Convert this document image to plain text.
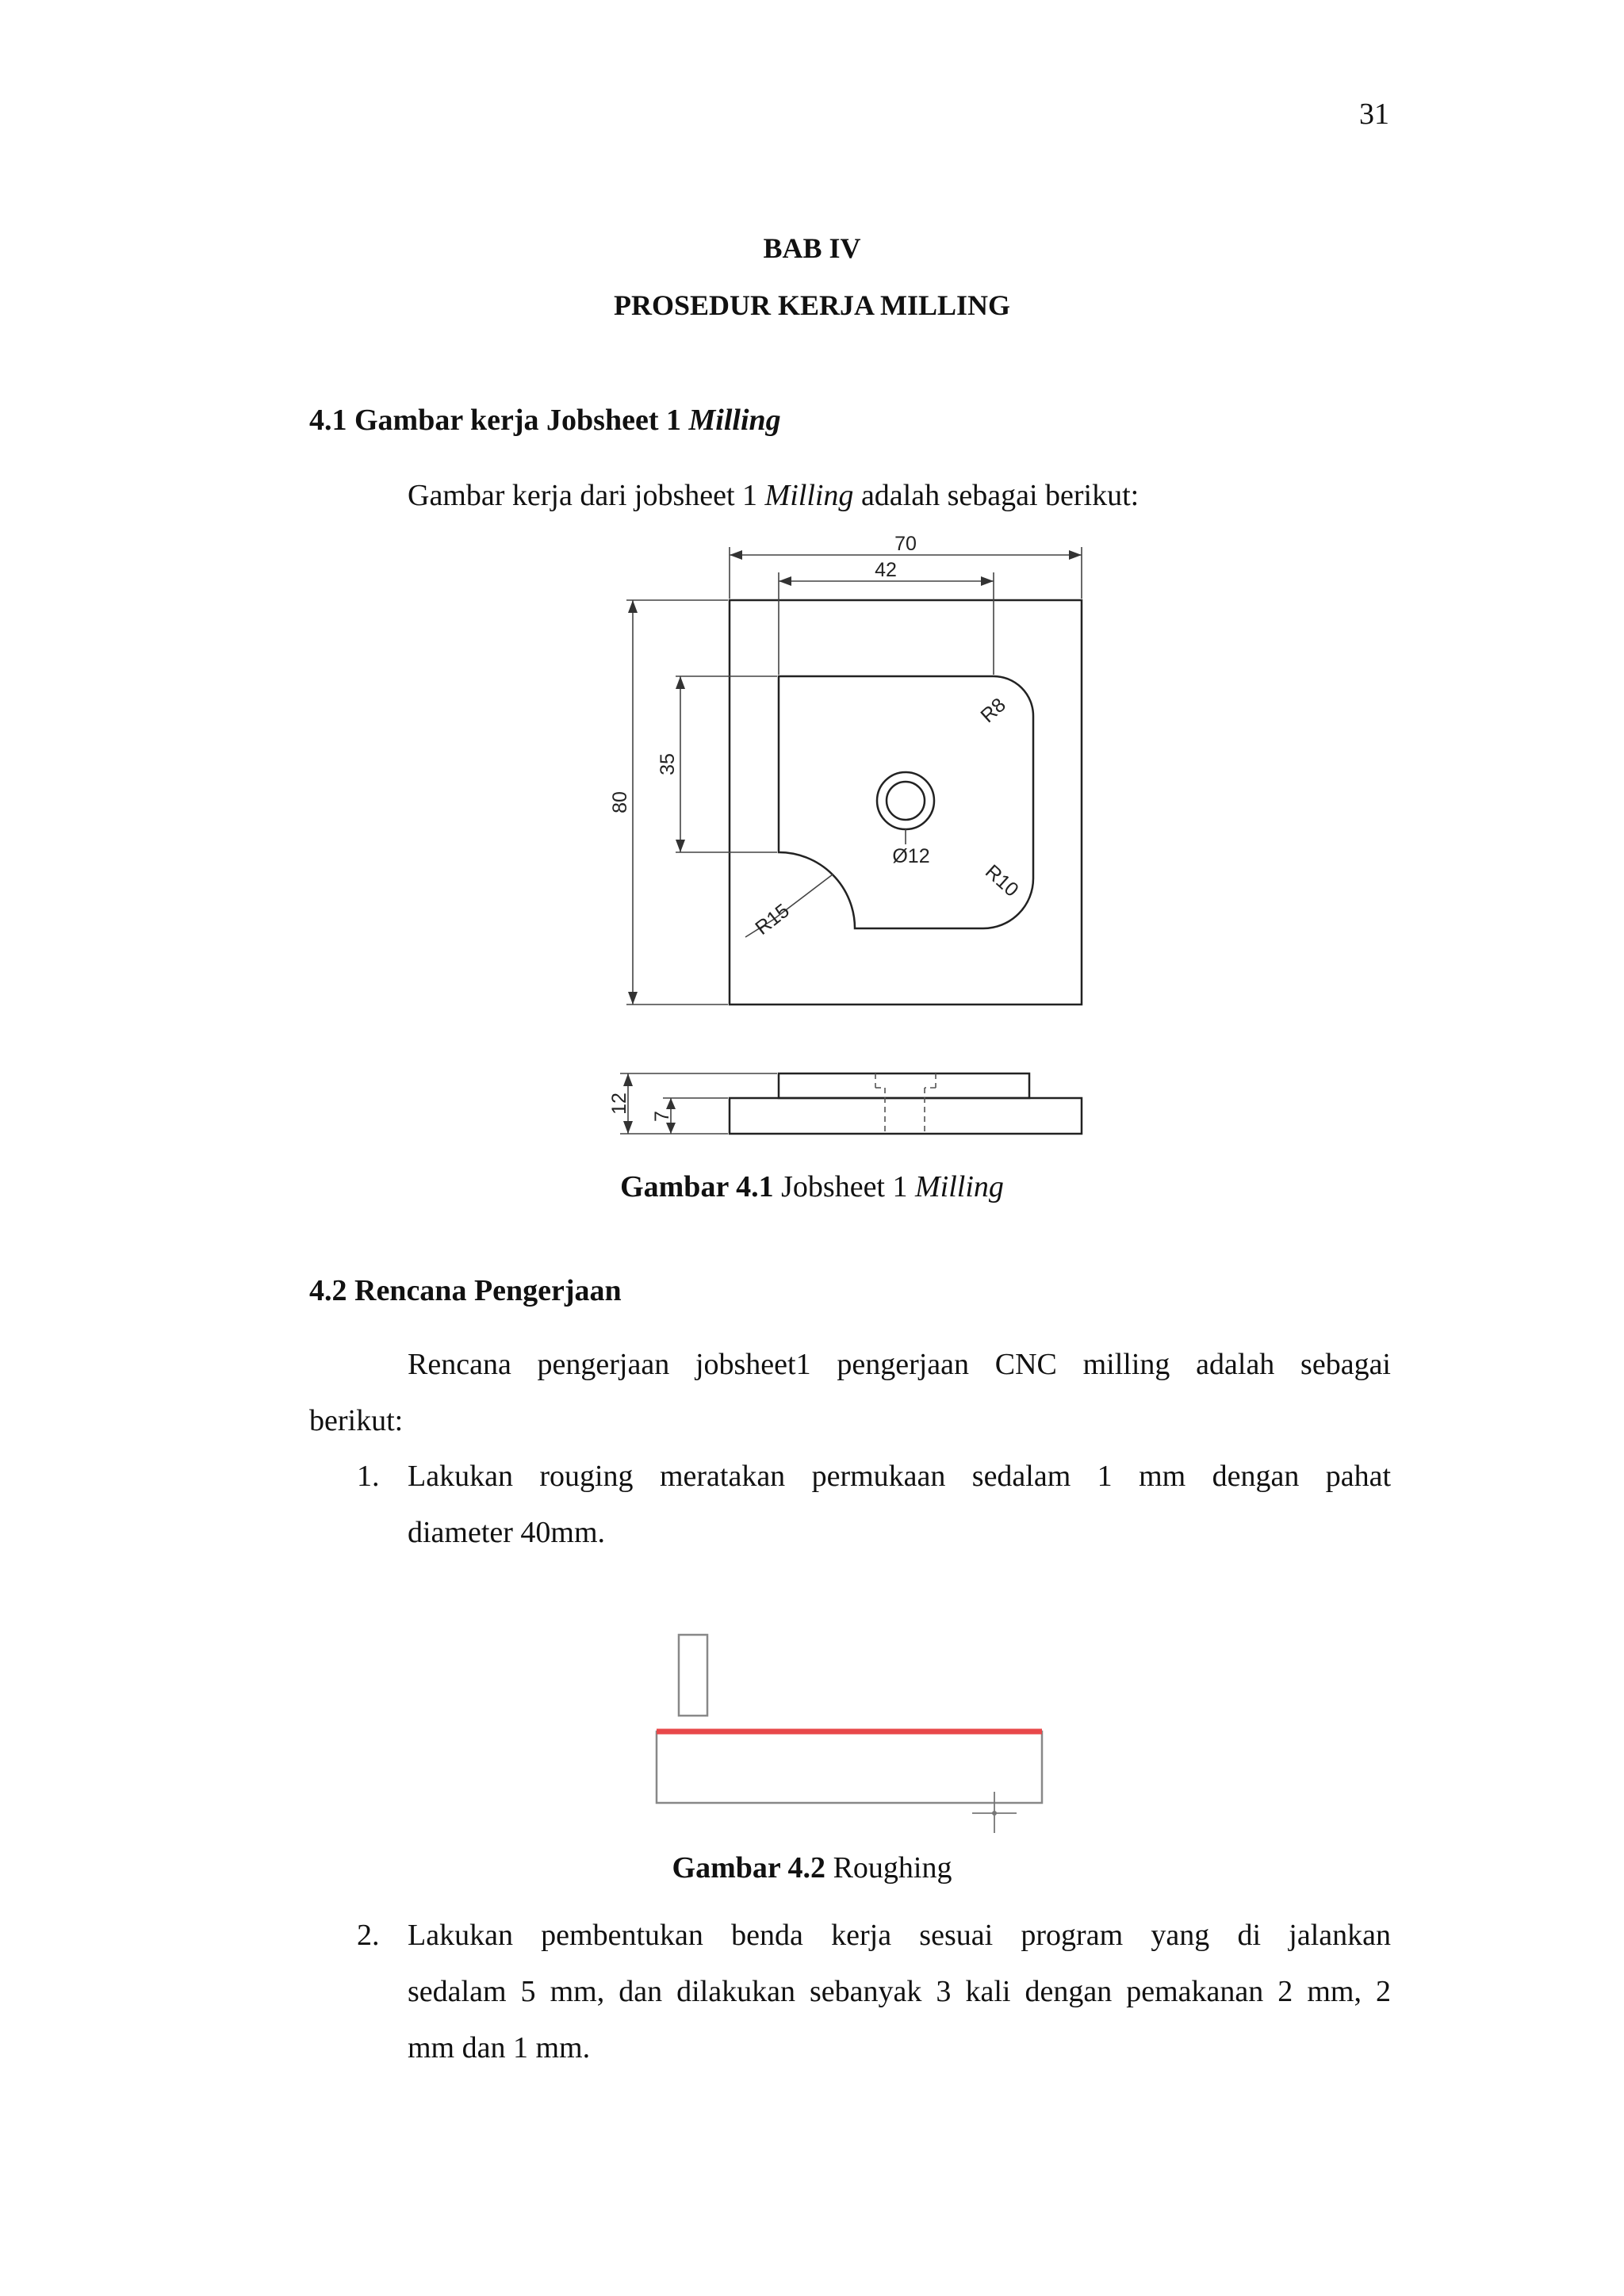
31
BAB IV
PROSEDUR KERJA MILLING
4.1 Gambar kerja Jobsheet 1 Milling
Gambar kerja dari jobsheet 1 Milling adalah sebagai berikut:
70
42
80
35
R8
R10
R15
Ø12
12
7
Gambar 4.1 Jobsheet 1 Milling
4.2 Rencana Pengerjaan
Rencana pengerjaan jobsheet1 pengerjaan CNC milling adalah sebagai
berikut:
1. Lakukan rouging meratakan permukaan sedalam 1 mm dengan pahat
diameter 40mm.
Gambar 4.2 Roughing
2. Lakukan pembentukan benda kerja sesuai program yang di jalankan
sedalam 5 mm, dan dilakukan sebanyak 3 kali dengan pemakanan 2 mm, 2
mm dan 1 mm.
